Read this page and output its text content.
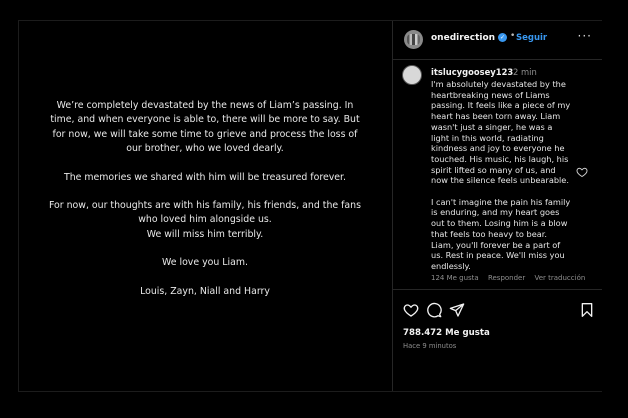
We’re completely devastated by the news of Liam’s passing. In time, and when everyone is able to, there will be more to say. But for now, we will take some time to grieve and process the loss of our brother, who we loved dearly.

The memories we shared with him will be treasured forever.

For now, our thoughts are with his family, his friends, and the fans who loved him alongside us.

We will miss him terribly.

We love you Liam.

Louis, Zayn, Niall and Harry

onedirection ✓ • Seguir	···
itslucygoosey123 2 min

I'm absolutely devastated by the heartbreaking news of Liams passing. It feels like a piece of my heart has been torn away. Liam wasn't just a singer, he was a light in this world, radiating kindness and joy to everyone he touched. His music, his laugh, his spirit lifted so many of us, and now the silence feels unbearable.

I can't imagine the pain his family is enduring, and my heart goes out to them. Losing him is a blow that feels too heavy to bear. Liam, you'll forever be a part of us. Rest in peace. We'll miss you endlessly.

124 Me gusta Responder Ver traducción
788.472 Me gusta
Hace 9 minutos
